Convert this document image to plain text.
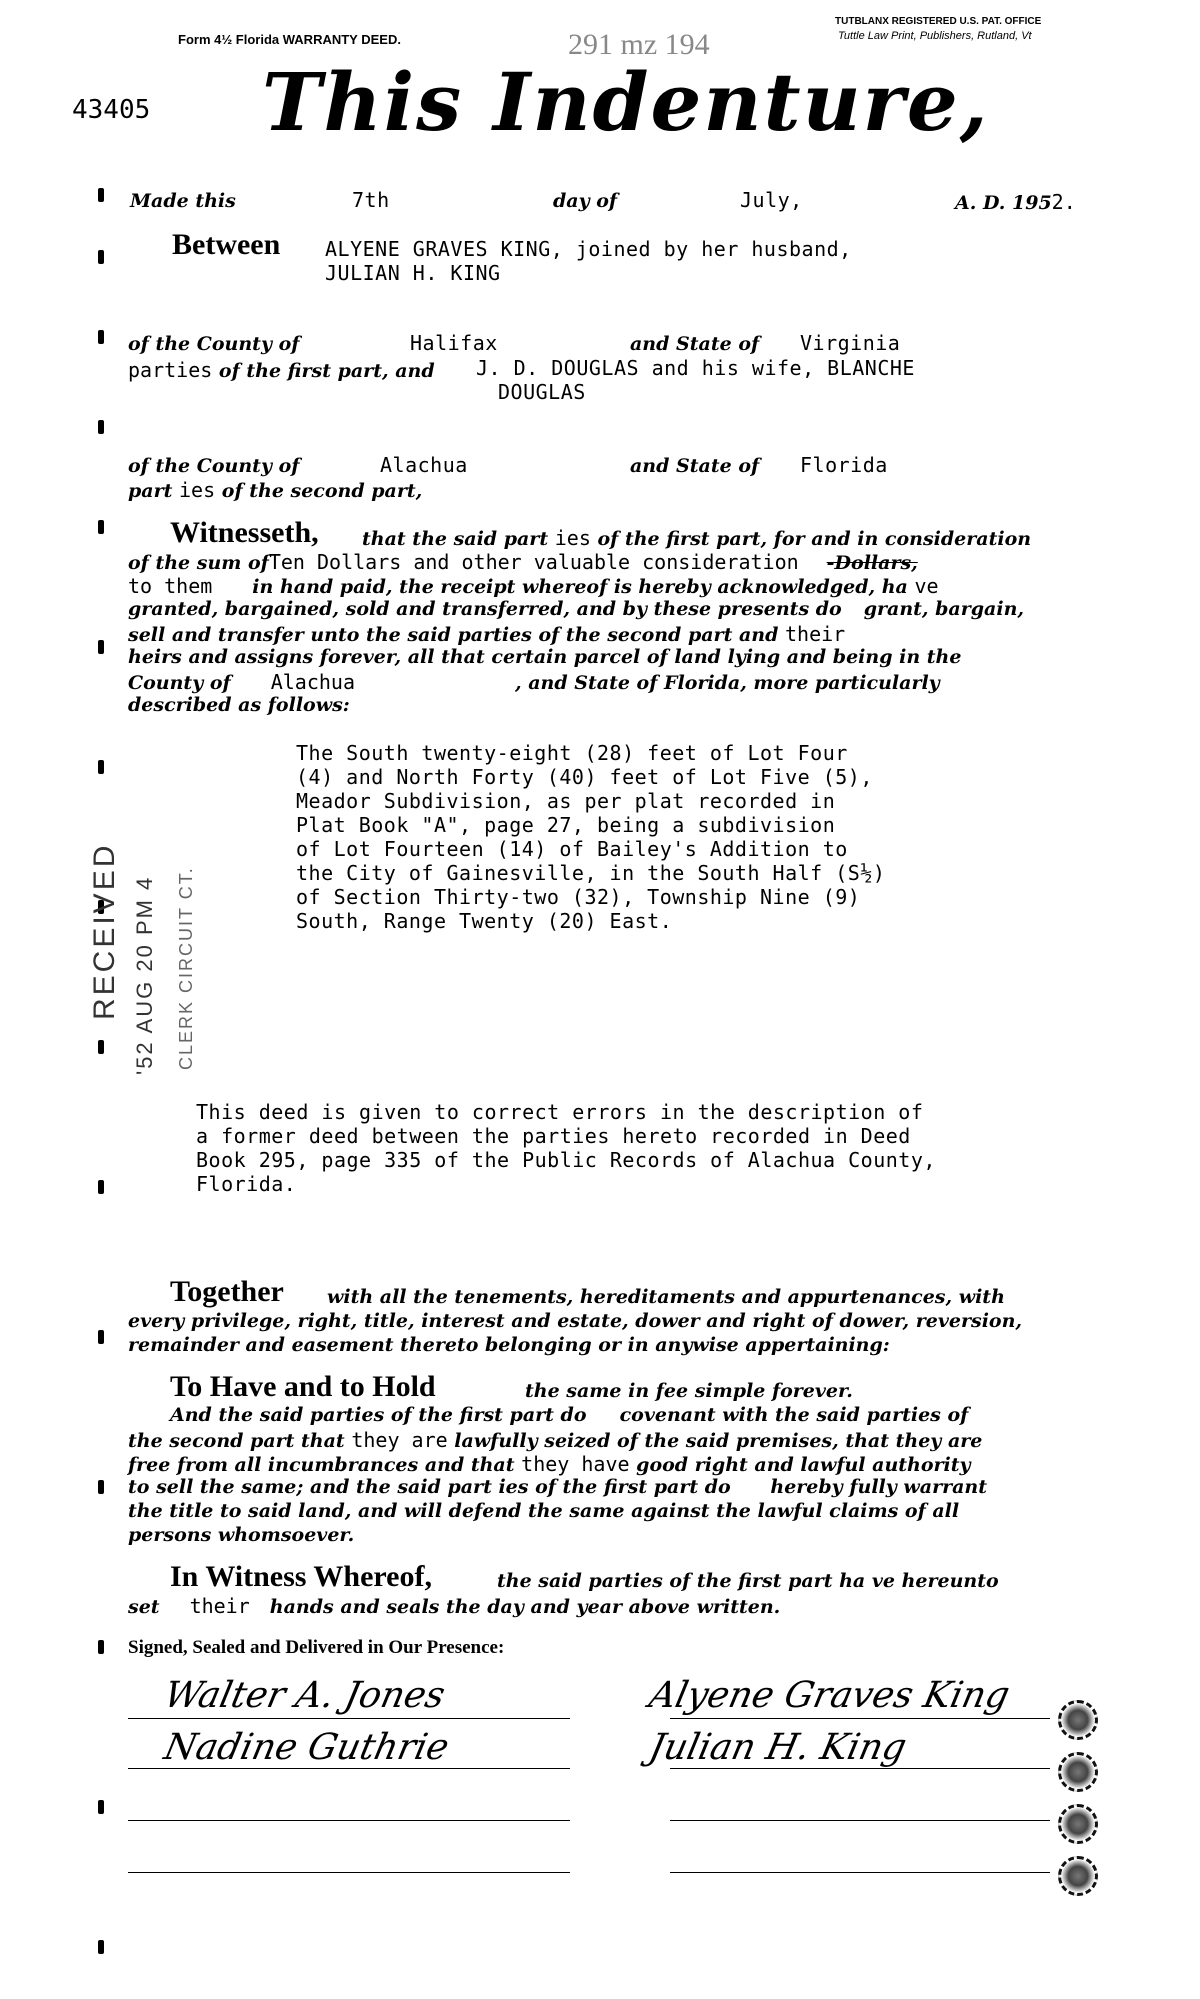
Form 4½ Florida WARRANTY DEED.
TUTBLANX REGISTERED U.S. PAT. OFFICE
Tuttle Law Print, Publishers, Rutland, Vt
291 mz 194
43405 This Indenture,
Made this	7th	day of	July,	A. D. 1952.
Between ALYENE GRAVES KING, joined by her husband,
JULIAN H. KING
of the County of	Halifax	and State of Virginia
parties of the first part, and J. D. DOUGLAS and his wife, BLANCHE
DOUGLAS
of the County of	Alachua	and State of Florida
part ies of the second part,
Witnesseth, that the said part ies of the first part, for and in consideration
of the sum ofTen Dollars and other valuable consideration -Dollars,
to them in hand paid, the receipt whereof is hereby acknowledged, ha ve
granted, bargained, sold and transferred, and by these presents do grant, bargain,
sell and transfer unto the said parties of the second part and their
heirs and assigns forever, all that certain parcel of land lying and being in the
County of Alachua	, and State of Florida, more particularly
described as follows:
The South twenty-eight (28) feet of Lot Four
(4) and North Forty (40) feet of Lot Five (5),
Meador Subdivision, as per plat recorded in
Plat Book "A", page 27, being a subdivision
of Lot Fourteen (14) of Bailey's Addition to
the City of Gainesville, in the South Half (S½)
of Section Thirty-two (32), Township Nine (9)
South, Range Twenty (20) East.
RECEIVED '52 AUG 20 PM 4 CLERK CIRCUIT CT.
This deed is given to correct errors in the description of
a former deed between the parties hereto recorded in Deed
Book 295, page 335 of the Public Records of Alachua County,
Florida.
Together with all the tenements, hereditaments and appurtenances, with
every privilege, right, title, interest and estate, dower and right of dower, reversion,
remainder and easement thereto belonging or in anywise appertaining:
To Have and to Hold	the same in fee simple forever.
And the said parties of the first part do     covenant with the said parties of
the second part that they are lawfully seized of the said premises, that they are
free from all incumbrances and that they have good right and lawful authority
to sell the same; and the said part ies of the first part do      hereby fully warrant
the title to said land, and will defend the same against the lawful claims of all
persons whomsoever.
In Witness Whereof,	the said parties of the first part ha ve hereunto
set their hands and seals the day and year above written.
Signed, Sealed and Delivered in Our Presence:
Walter A. Jones
Nadine Guthrie
Alyene Graves King
Julian H. King
